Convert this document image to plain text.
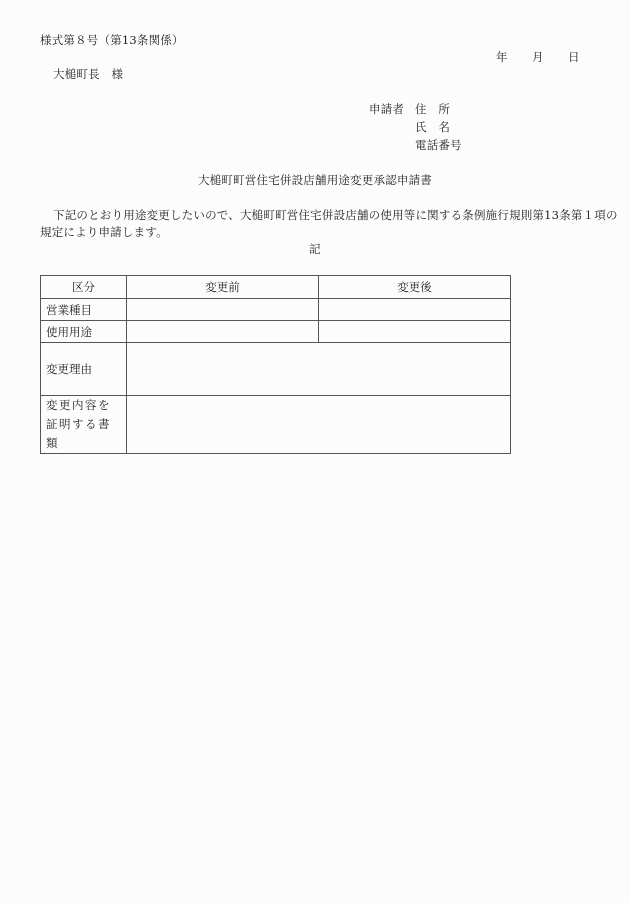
様式第８号（第13条関係）
年 月 日
大槌町長　様
申請者 住　所
氏　名
電話番号
大槌町町営住宅併設店舗用途変更承認申請書
下記のとおり用途変更したいので、大槌町町営住宅併設店舗の使用等に関する条例施行規則第13条第１項の規定により申請します。
記
区分	変更前	変更後
営業種目		
使用用途		
変更理由		
変更内容を証明する書類		
